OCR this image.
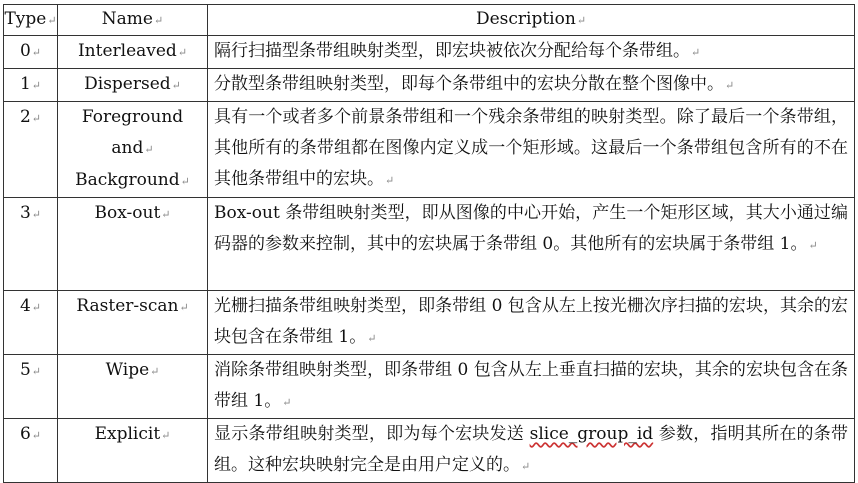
Type↵	Name↵	Description↵
0↵	Interleaved↵	隔行扫描型条带组映射类型，即宏块被依次分配给每个条带组。↵
1↵	Dispersed↵	分散型条带组映射类型，即每个条带组中的宏块分散在整个图像中。↵
2↵	Foreground
and↵
Background↵	具有一个或者多个前景条带组和一个残余条带组的映射类型。除了最后一个条带组，其他所有的条带组都在图像内定义成一个矩形域。这最后一个条带组包含所有的不在其他条带组中的宏块。↵
3↵	Box-out↵	Box-out 条带组映射类型，即从图像的中心开始，产生一个矩形区域，其大小通过编码器的参数来控制，其中的宏块属于条带组 0。其他所有的宏块属于条带组 1。↵
4↵	Raster-scan↵	光栅扫描条带组映射类型，即条带组 0 包含从左上按光栅次序扫描的宏块，其余的宏块包含在条带组 1。↵
5↵	Wipe↵	消除条带组映射类型，即条带组 0 包含从左上垂直扫描的宏块，其余的宏块包含在条带组 1。↵
6↵	Explicit↵	显示条带组映射类型，即为每个宏块发送 slice_group_id 参数，指明其所在的条带组。这种宏块映射完全是由用户定义的。↵
